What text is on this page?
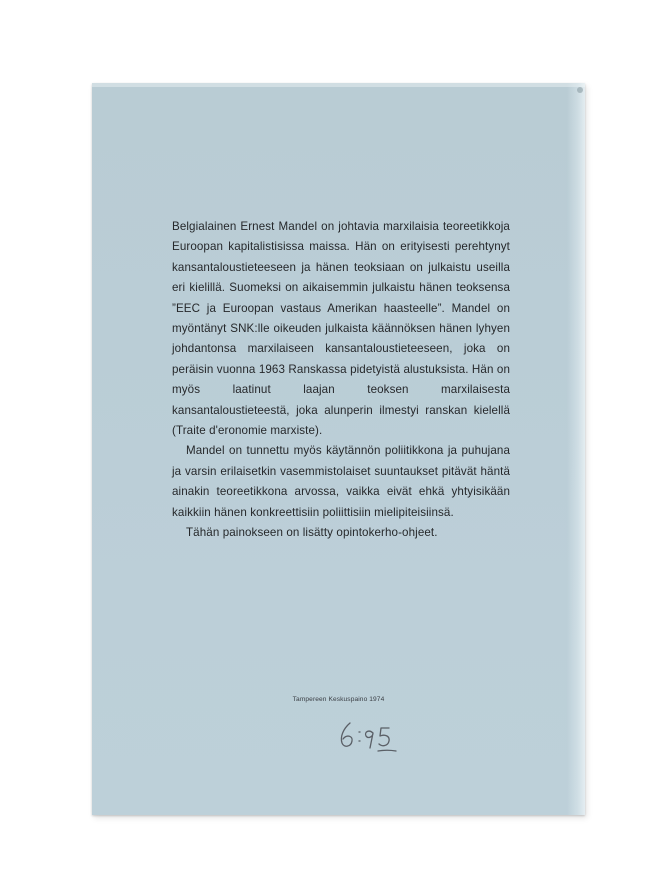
Belgialainen Ernest Mandel on johtavia marxilaisia teoreetikkoja Euroopan kapitalistisissa maissa. Hän on erityisesti perehtynyt kansantaloustieteeseen ja hänen teoksiaan on julkaistu useilla eri kielillä. Suomeksi on aikaisemmin julkaistu hänen teoksensa ”EEC ja Euroopan vastaus Amerikan haasteelle”. Mandel on myöntänyt SNK:lle oikeuden julkaista käännöksen hänen lyhyen johdantonsa marxilaiseen kansantaloustieteeseen, joka on peräisin vuonna 1963 Ranskassa pidetyistä alustuksista. Hän on myös laatinut laajan teoksen marxilaisesta kansantaloustieteestä, joka alunperin ilmestyi ranskan kielellä (Traite d'eronomie marxiste).

Mandel on tunnettu myös käytännön poliitikkona ja puhujana ja varsin erilaisetkin vasemmistolaiset suuntaukset pitävät häntä ainakin teoreetikkona arvossa, vaikka eivät ehkä yhtyisikään kaikkiin hänen konkreettisiin poliittisiin mielipiteisiinsä.

Tähän painokseen on lisätty opintokerho-ohjeet.

Tampereen Keskuspaino 1974
